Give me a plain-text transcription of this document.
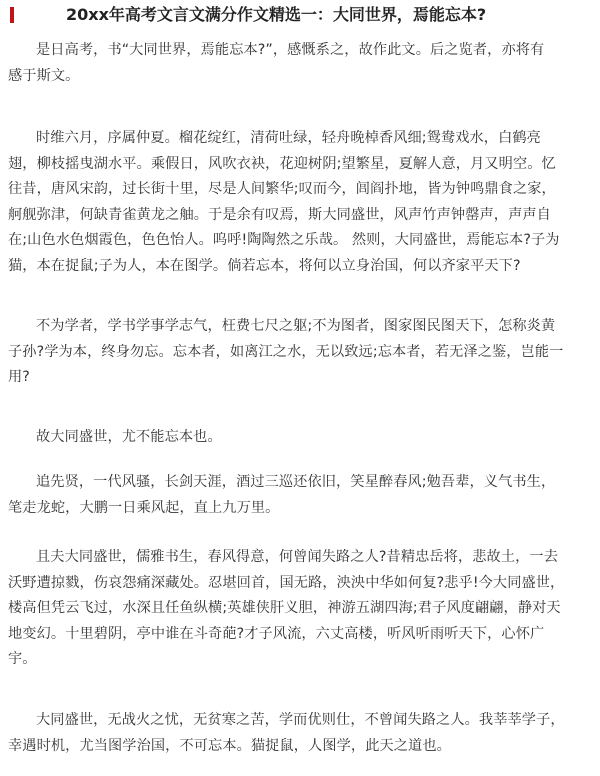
20xx年高考文言文满分作文精选一：大同世界，焉能忘本?
是日高考，书“大同世界，焉能忘本?”，感慨系之，故作此文。后之览者，亦将有
感于斯文。
时维六月，序属仲夏。榴花绽红，清荷吐绿，轻舟晚棹香风细;鸳鸯戏水，白鹤亮
翅，柳枝摇曳湖水平。乘假日，风吹衣袂，花迎树阴;望繁星，夏解人意，月又明空。忆
往昔，唐风宋韵，过长街十里，尽是人间繁华;叹而今，闾阎扑地，皆为钟鸣鼎食之家，
舸舰弥津，何缺青雀黄龙之舳。于是余有叹焉，斯大同盛世，风声竹声钟罄声，声声自
在;山色水色烟霞色，色色怡人。呜呼!陶陶然之乐哉。 然则，大同盛世，焉能忘本?子为
猫，本在捉鼠;子为人，本在图学。倘若忘本，将何以立身治国，何以齐家平天下?
不为学者，学书学事学志气，枉费七尺之躯;不为图者，图家图民图天下，怎称炎黄
子孙?学为本，终身勿忘。忘本者，如离江之水，无以致远;忘本者，若无泽之鉴，岂能一
用?
故大同盛世，尤不能忘本也。
追先贤，一代风骚，长剑天涯，酒过三巡还依旧，笑星醉春风;勉吾辈，义气书生，
笔走龙蛇，大鹏一日乘风起，直上九万里。
且夫大同盛世，儒雅书生，春风得意，何曾闻失路之人?昔精忠岳将，悲故土，一去
沃野遭掠戮，伤哀怨痛深藏处。忍堪回首，国无路，泱泱中华如何复?悲乎!今大同盛世，
楼高但凭云飞过，水深且任鱼纵横;英雄侠肝义胆，神游五湖四海;君子风度翩翩，静对天
地变幻。十里碧阴，亭中谁在斗奇葩?才子风流，六丈高楼，听风听雨听天下，心怀广
宇。
大同盛世，无战火之忧，无贫寒之苦，学而优则仕，不曾闻失路之人。我莘莘学子，
幸遇时机，尤当图学治国，不可忘本。猫捉鼠，人图学，此天之道也。
